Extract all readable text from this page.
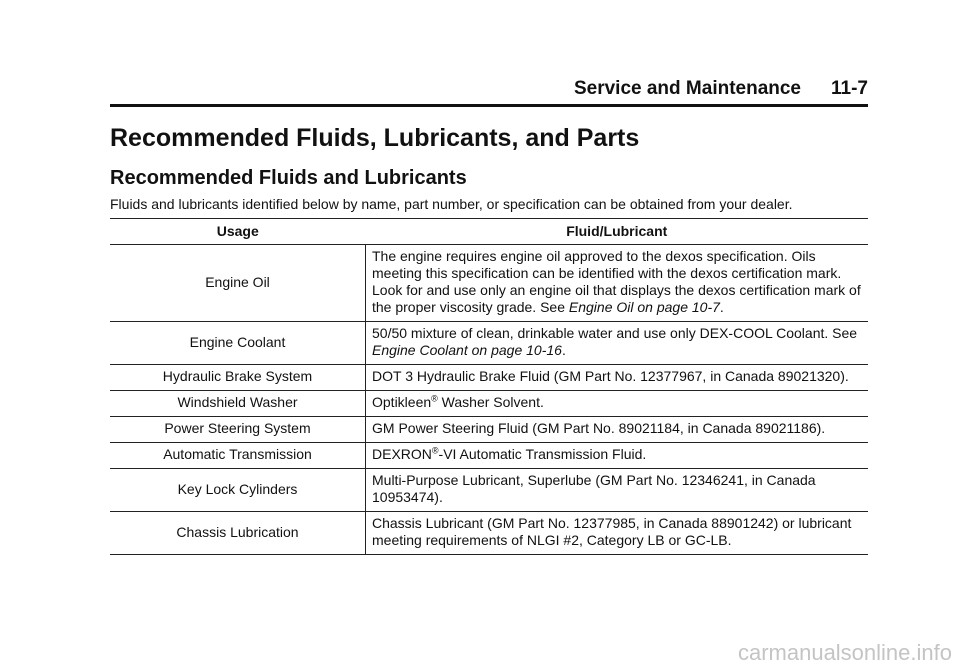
Service and Maintenance 11-7
Recommended Fluids, Lubricants, and Parts
Recommended Fluids and Lubricants

Fluids and lubricants identified below by name, part number, or specification can be obtained from your dealer.

Usage	Fluid/Lubricant
Engine Oil	The engine requires engine oil approved to the dexos specification. Oils meeting this specification can be identified with the dexos certification mark. Look for and use only an engine oil that displays the dexos certification mark of the proper viscosity grade. See Engine Oil on page 10-7.
Engine Coolant	50/50 mixture of clean, drinkable water and use only DEX-COOL Coolant. See Engine Coolant on page 10-16.
Hydraulic Brake System	DOT 3 Hydraulic Brake Fluid (GM Part No. 12377967, in Canada 89021320).
Windshield Washer	Optikleen® Washer Solvent.
Power Steering System	GM Power Steering Fluid (GM Part No. 89021184, in Canada 89021186).
Automatic Transmission	DEXRON®-VI Automatic Transmission Fluid.
Key Lock Cylinders	Multi-Purpose Lubricant, Superlube (GM Part No. 12346241, in Canada 10953474).
Chassis Lubrication	Chassis Lubricant (GM Part No. 12377985, in Canada 88901242) or lubricant meeting requirements of NLGI #2, Category LB or GC-LB.
carmanualsonline.info
